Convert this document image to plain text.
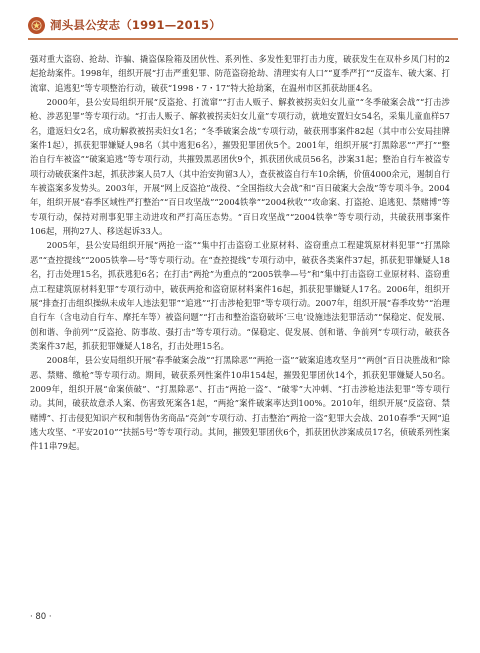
洞头县公安志（1991—2015）

强对重大盗窃、抢劫、诈骗、撬盗保险箱及团伙性、系列性、多发性犯罪打击力度，破获发生在双朴乡凤门村的2起抢劫案件。1998年，组织开展“打击严重犯罪、防范盗窃抢劫、清理实有人口”“夏季严打”“反盗车、破大案、打流窜、追逃犯”等专项整治行动，破获“1998・7・17”特大抢劫案，在温州市区抓获劫匪4名。

2000年，县公安局组织开展“反盗抢、打流窜”“打击人贩子、解救被拐卖妇女儿童”“冬季破案会战”“打击涉枪、涉恶犯罪”等专项行动。“打击人贩子、解救被拐卖妇女儿童”专项行动，就地安置妇女54名，采集儿童血样57名，遣返妇女2名，成功解救被拐卖妇女1名；“冬季破案会战”专项行动，破获刑事案件82起（其中市公安局挂牌案件1起），抓获犯罪嫌疑人98名（其中逃犯6名），摧毁犯罪团伙5个。2001年，组织开展“打黑除恶”“严打”“整治自行车被盗”“破案追逃”等专项行动，共摧毁黑恶团伙9个，抓获团伙成员56名，涉案31起；整治自行车被盗专项行动破获案件3起，抓获涉案人员7人（其中治安拘留3人），查获被盗自行车10余辆，价值4000余元，遏制自行车被盗案多发势头。2003年，开展“网上反盗抢”战役、“全国指纹大会战”和“百日破案大会战”等专项斗争。2004年，组织开展“春季区域性严打整治”“百日攻坚战”“2004铁拳”“2004秋收”“攻命案、打盗抢、追逃犯、禁赌博”等专项行动，保持对刑事犯罪主动进攻和严打高压态势。“百日攻坚战”“2004铁拳”等专项行动，共破获刑事案件106起，刑拘27人、移送起诉33人。

2005年，县公安局组织开展“两抢一盗”“集中打击盗窃工业原材料、盗窃重点工程建筑原材料犯罪”“打黑除恶”“查控提线”“2005铁拳—号”等专项行动。在“查控提线”专项行动中，破获各类案件37起，抓获犯罪嫌疑人18名，打击处理15名，抓获逃犯6名；在打击“两抢”为重点的“2005铁拳—号”和“集中打击盗窃工业原材料、盗窃重点工程建筑原材料犯罪”专项行动中，破获两抢和盗窃原材料案件16起，抓获犯罪嫌疑人17名。2006年，组织开展“排查打击组织操纵未成年人违法犯罪”“追逃”“打击涉枪犯罪”等专项行动。2007年，组织开展“春季攻势”“治理自行车（含电动自行车、摩托车等）被盗问题”“打击和整治盗窃破坏‘三电’设施违法犯罪活动”“保稳定、促发展、创和谐、争前列”“反盗抢、防事故、强打击”等专项行动。“保稳定、促发展、创和谐、争前列”专项行动，破获各类案件37起，抓获犯罪嫌疑人18名，打击处理15名。

2008年，县公安局组织开展“春季破案会战”“打黑除恶”“两抢一盗”“破案追逃攻坚月”“两创”百日决胜战和“除恶、禁赌、缴枪”等专项行动。期间，破获系列性案件10串154起，摧毁犯罪团伙14个，抓获犯罪嫌疑人50名。2009年，组织开展“命案侦破”、“打黑除恶”、打击“两抢一盗”、“破零”大冲刺、“打击涉枪违法犯罪”等专项行动。其间，破获故意杀人案、伤害致死案各1起，“两抢”案件破案率达到100%。2010年，组织开展“反盗窃、禁赌博”、打击侵犯知识产权和制售伪劣商品“亮剑”专项行动、打击整治“两抢一盗”犯罪大会战、2010春季“天网”追逃大攻坚、“平安2010”“扶摇5号”等专项行动。其间，摧毁犯罪团伙6个，抓获团伙涉案成员17名，侦破系列性案件11串79起。

· 80 ·
